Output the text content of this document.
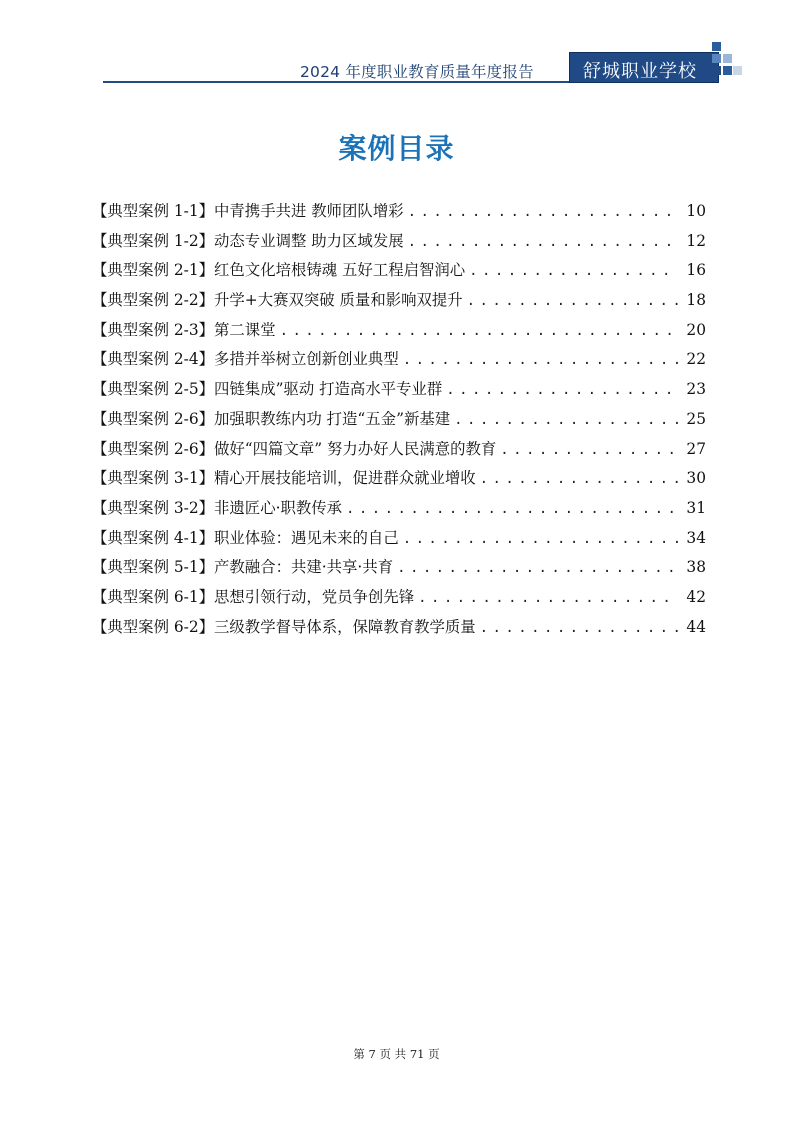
2024 年度职业教育质量年度报告	舒城职业学校
案例目录
【典型案例 1-1】中青携手共进 教师团队增彩 . . .	10
【典型案例 1-2】动态专业调整 助力区域发展 . . .	12
【典型案例 2-1】红色文化培根铸魂 五好工程启智润心 . . .	16
【典型案例 2-2】升学+大赛双突破 质量和影响双提升 . . .	18
【典型案例 2-3】第二课堂 . . .	20
【典型案例 2-4】多措并举树立创新创业典型 . . .	22
【典型案例 2-5】四链集成”驱动 打造高水平专业群 . . .	23
【典型案例 2-6】加强职教练内功 打造“五金”新基建 . . .	25
【典型案例 2-6】做好“四篇文章” 努力办好人民满意的教育 . . .	27
【典型案例 3-1】精心开展技能培训，促进群众就业增收 . . .	30
【典型案例 3-2】非遗匠心·职教传承 . . .	31
【典型案例 4-1】职业体验：遇见未来的自己 . . .	34
【典型案例 5-1】产教融合：共建·共享·共育 . . .	38
【典型案例 6-1】思想引领行动，党员争创先锋 . . .	42
【典型案例 6-2】三级教学督导体系，保障教育教学质量 . . .	44
第 7 页 共 71 页
